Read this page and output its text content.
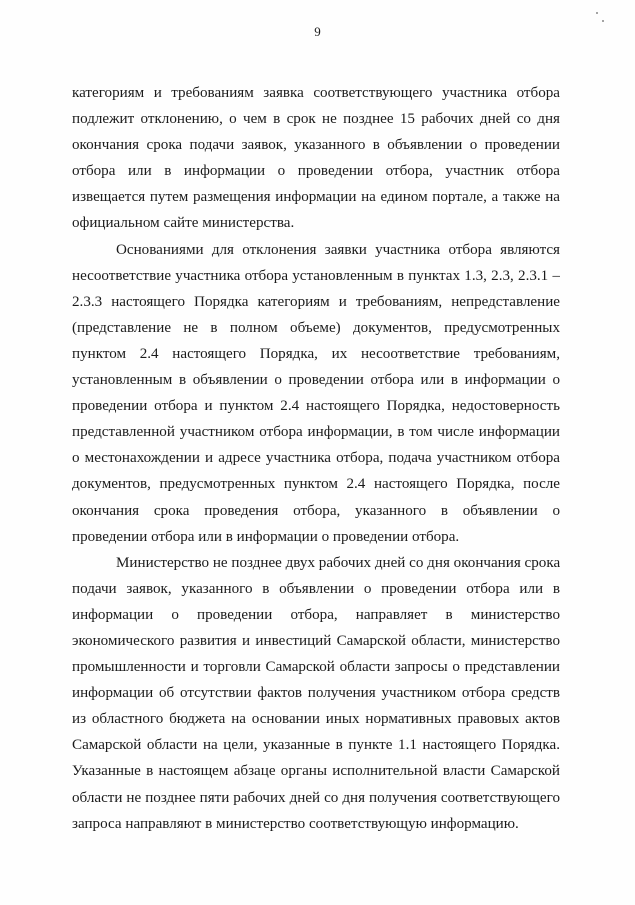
9
категориям и требованиям заявка соответствующего участника отбора
подлежит отклонению, о чем в срок не позднее 15 рабочих дней со дня
окончания срока подачи заявок, указанного в объявлении о проведении
отбора или в информации о проведении отбора, участник отбора
извещается путем размещения информации на едином портале, а также на
официальном сайте министерства.
Основаниями для отклонения заявки участника отбора являются
несоответствие участника отбора установленным в пунктах 1.3, 2.3, 2.3.1 –
2.3.3 настоящего Порядка категориям и требованиям, непредставление
(представление не в полном объеме) документов, предусмотренных
пунктом 2.4 настоящего Порядка, их несоответствие требованиям,
установленным в объявлении о проведении отбора или в информации о
проведении отбора и пунктом 2.4 настоящего Порядка, недостоверность
представленной участником отбора информации, в том числе информации
о местонахождении и адресе участника отбора, подача участником отбора
документов, предусмотренных пунктом 2.4 настоящего Порядка, после
окончания срока проведения отбора, указанного в объявлении о
проведении отбора или в информации о проведении отбора.
Министерство не позднее двух рабочих дней со дня окончания срока
подачи заявок, указанного в объявлении о проведении отбора или в
информации о проведении отбора, направляет в министерство
экономического развития и инвестиций Самарской области, министерство
промышленности и торговли Самарской области запросы о представлении
информации об отсутствии фактов получения участником отбора средств
из областного бюджета на основании иных нормативных правовых актов
Самарской области на цели, указанные в пункте 1.1 настоящего Порядка.
Указанные в настоящем абзаце органы исполнительной власти Самарской
области не позднее пяти рабочих дней со дня получения соответствующего
запроса направляют в министерство соответствующую информацию.
